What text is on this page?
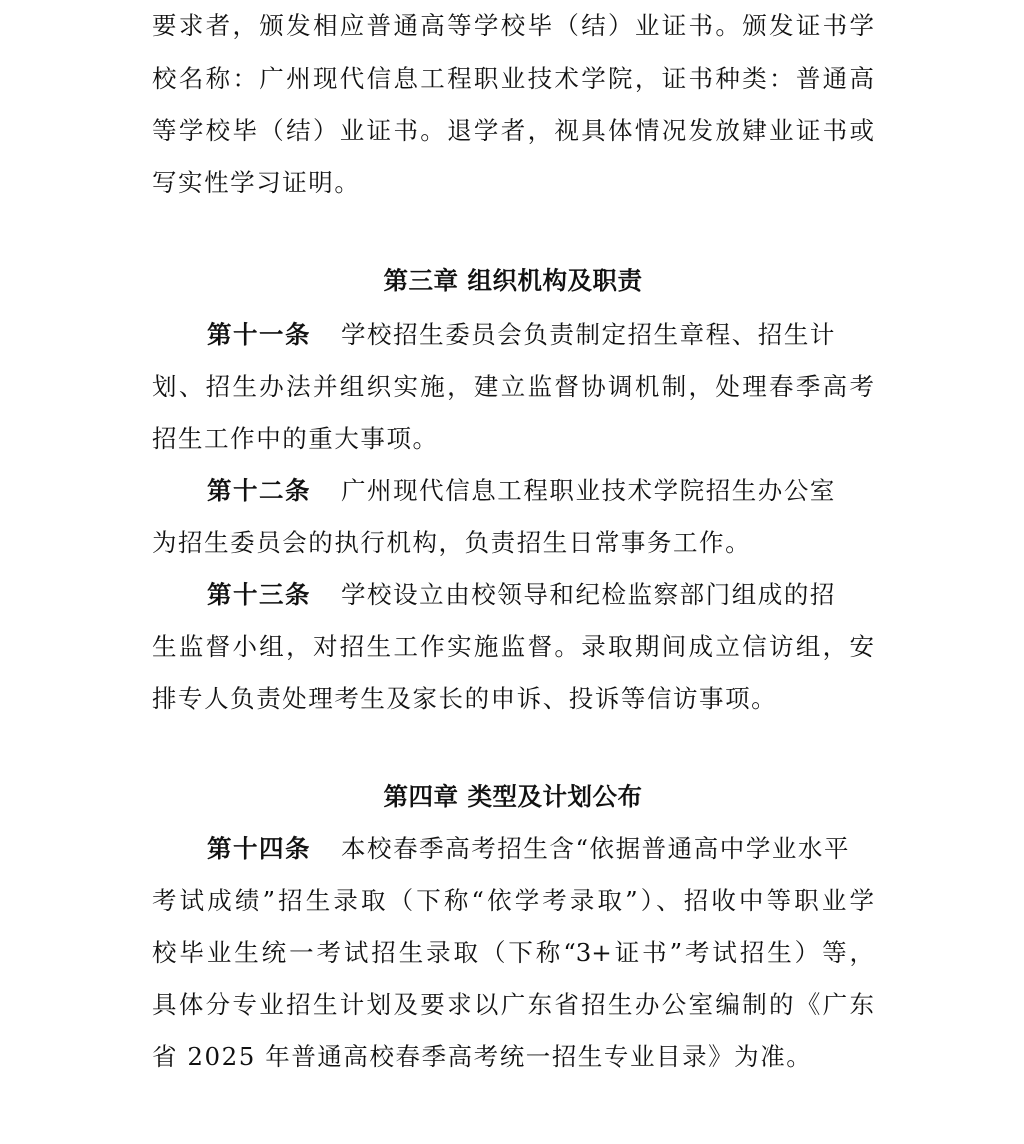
要求者，颁发相应普通高等学校毕（结）业证书。颁发证书学
校名称：广州现代信息工程职业技术学院，证书种类：普通高
等学校毕（结）业证书。退学者，视具体情况发放肄业证书或
写实性学习证明。
第三章 组织机构及职责
第十一条 学校招生委员会负责制定招生章程、招生计
划、招生办法并组织实施，建立监督协调机制，处理春季高考
招生工作中的重大事项。
第十二条 广州现代信息工程职业技术学院招生办公室
为招生委员会的执行机构，负责招生日常事务工作。
第十三条 学校设立由校领导和纪检监察部门组成的招
生监督小组，对招生工作实施监督。录取期间成立信访组，安
排专人负责处理考生及家长的申诉、投诉等信访事项。
第四章 类型及计划公布
第十四条 本校春季高考招生含“依据普通高中学业水平
考试成绩”招生录取（下称“依学考录取”）、招收中等职业学
校毕业生统一考试招生录取（下称“3+证书”考试招生）等，
具体分专业招生计划及要求以广东省招生办公室编制的《广东
省 2025 年普通高校春季高考统一招生专业目录》为准。
